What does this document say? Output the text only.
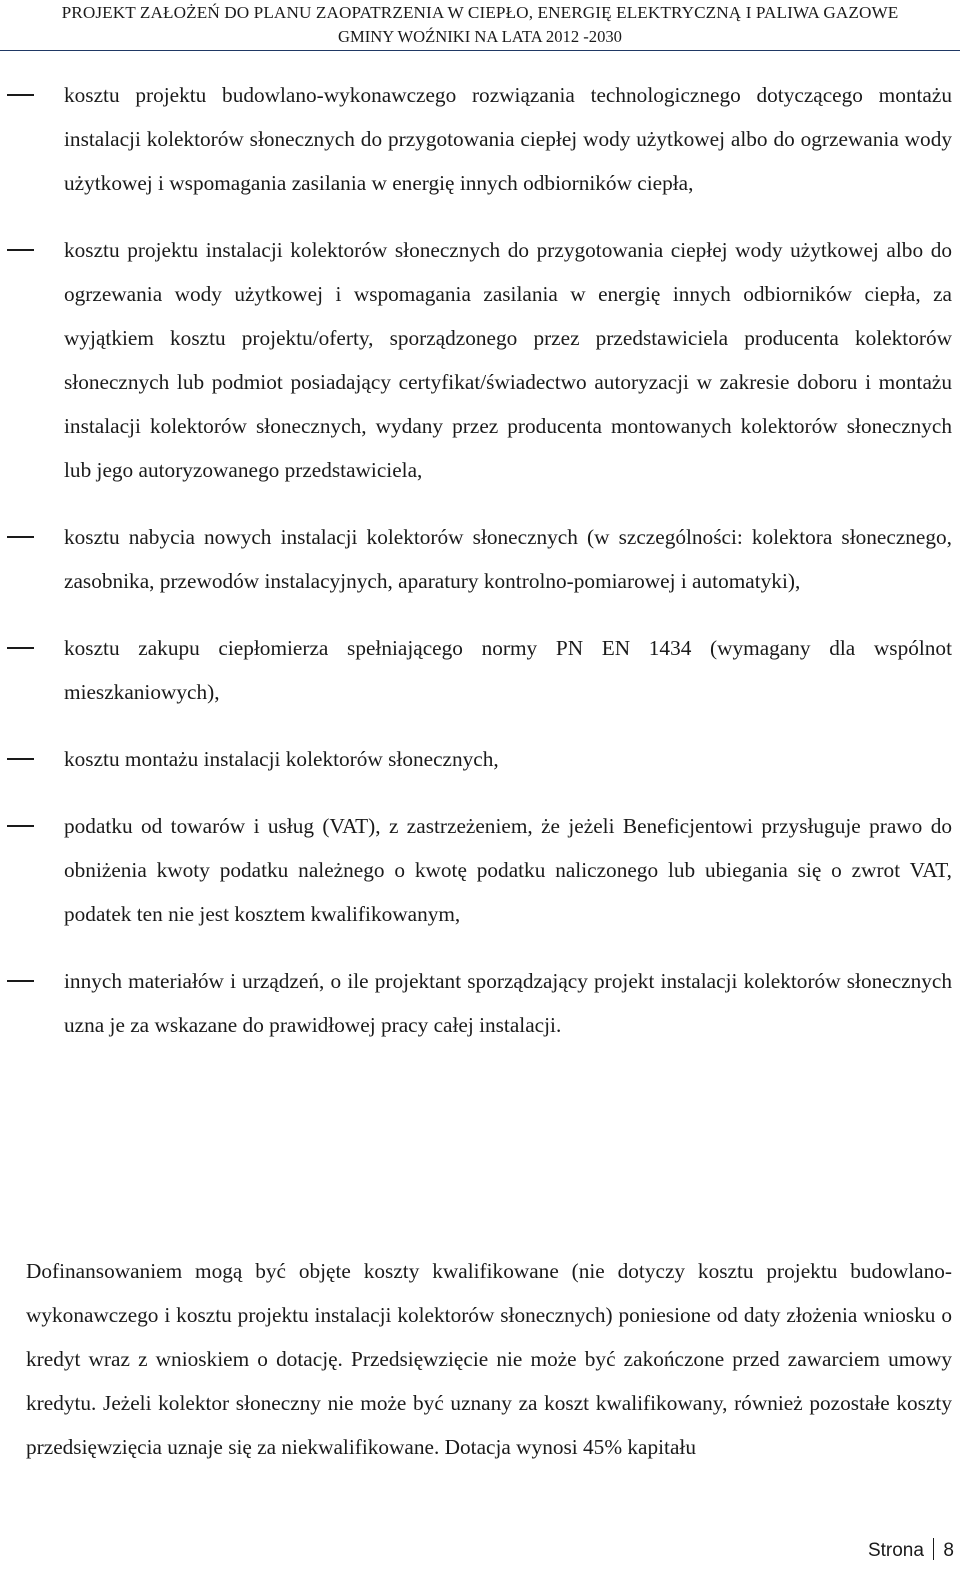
PROJEKT ZAŁOŻEŃ DO PLANU ZAOPATRZENIA W CIEPŁO, ENERGIĘ ELEKTRYCZNĄ I PALIWA GAZOWE
GMINY WOŹNIKI NA LATA 2012 -2030
kosztu projektu budowlano-wykonawczego rozwiązania technologicznego dotyczącego montażu instalacji kolektorów słonecznych do przygotowania ciepłej wody użytkowej albo do ogrzewania wody użytkowej i wspomagania zasilania w energię innych odbiorników ciepła,
kosztu projektu instalacji kolektorów słonecznych do przygotowania ciepłej wody użytkowej albo do ogrzewania wody użytkowej i wspomagania zasilania w energię innych odbiorników ciepła, za wyjątkiem kosztu projektu/oferty, sporządzonego przez przedstawiciela producenta kolektorów słonecznych lub podmiot posiadający certyfikat/świadectwo autoryzacji w zakresie doboru i montażu instalacji kolektorów słonecznych, wydany przez producenta montowanych kolektorów słonecznych lub jego autoryzowanego przedstawiciela,
kosztu nabycia nowych instalacji kolektorów słonecznych (w szczególności: kolektora słonecznego, zasobnika, przewodów instalacyjnych, aparatury kontrolno-pomiarowej i automatyki),
kosztu zakupu ciepłomierza spełniającego normy PN EN 1434 (wymagany dla wspólnot mieszkaniowych),
kosztu montażu instalacji kolektorów słonecznych,
podatku od towarów i usług (VAT), z zastrzeżeniem, że jeżeli Beneficjentowi przysługuje prawo do obniżenia kwoty podatku należnego o kwotę podatku naliczonego lub ubiegania się o zwrot VAT, podatek ten nie jest kosztem kwalifikowanym,
innych materiałów i urządzeń, o ile projektant sporządzający projekt instalacji kolektorów słonecznych uzna je za wskazane do prawidłowej pracy całej instalacji.
Dofinansowaniem mogą być objęte koszty kwalifikowane (nie dotyczy kosztu projektu budowlano-wykonawczego i kosztu projektu instalacji kolektorów słonecznych) poniesione od daty złożenia wniosku o kredyt wraz z wnioskiem o dotację. Przedsięwzięcie nie może być zakończone przed zawarciem umowy kredytu. Jeżeli kolektor słoneczny nie może być uznany za koszt kwalifikowany, również pozostałe koszty przedsięwzięcia uznaje się za niekwalifikowane. Dotacja wynosi 45% kapitału
Strona 8
